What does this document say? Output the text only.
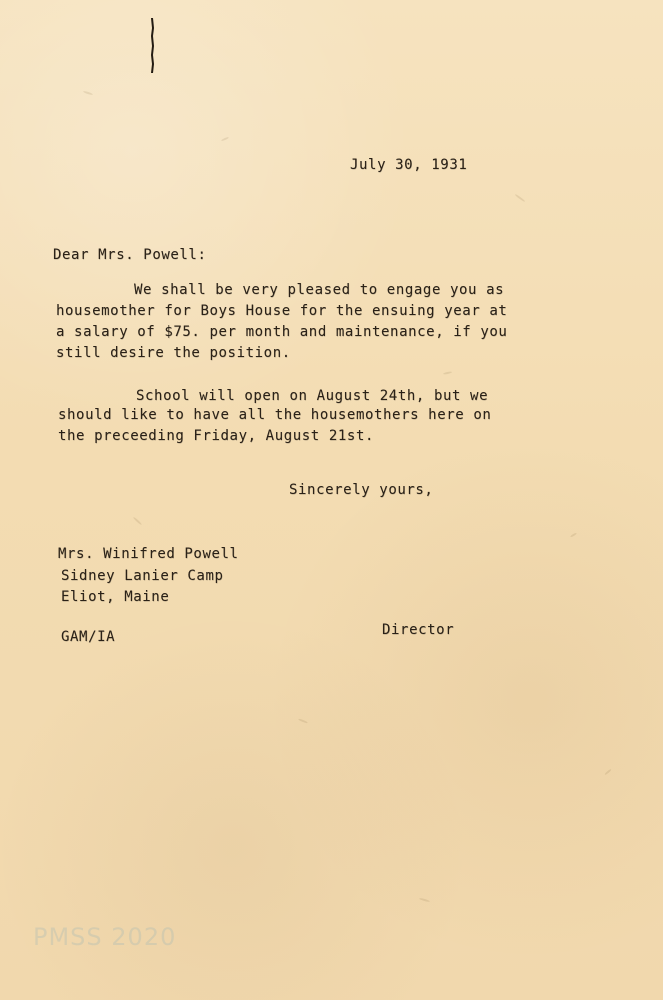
July 30, 1931
Dear Mrs. Powell:
We shall be very pleased to engage you as
housemother for Boys House for the ensuing year at
a salary of $75. per month and maintenance, if you
still desire the position.
School will open on August 24th, but we
should like to have all the housemothers here on
the preceeding Friday, August 21st.
Sincerely yours,
Mrs. Winifred Powell
Sidney Lanier Camp
Eliot, Maine
GAM/IA	Director
PMSS 2020
